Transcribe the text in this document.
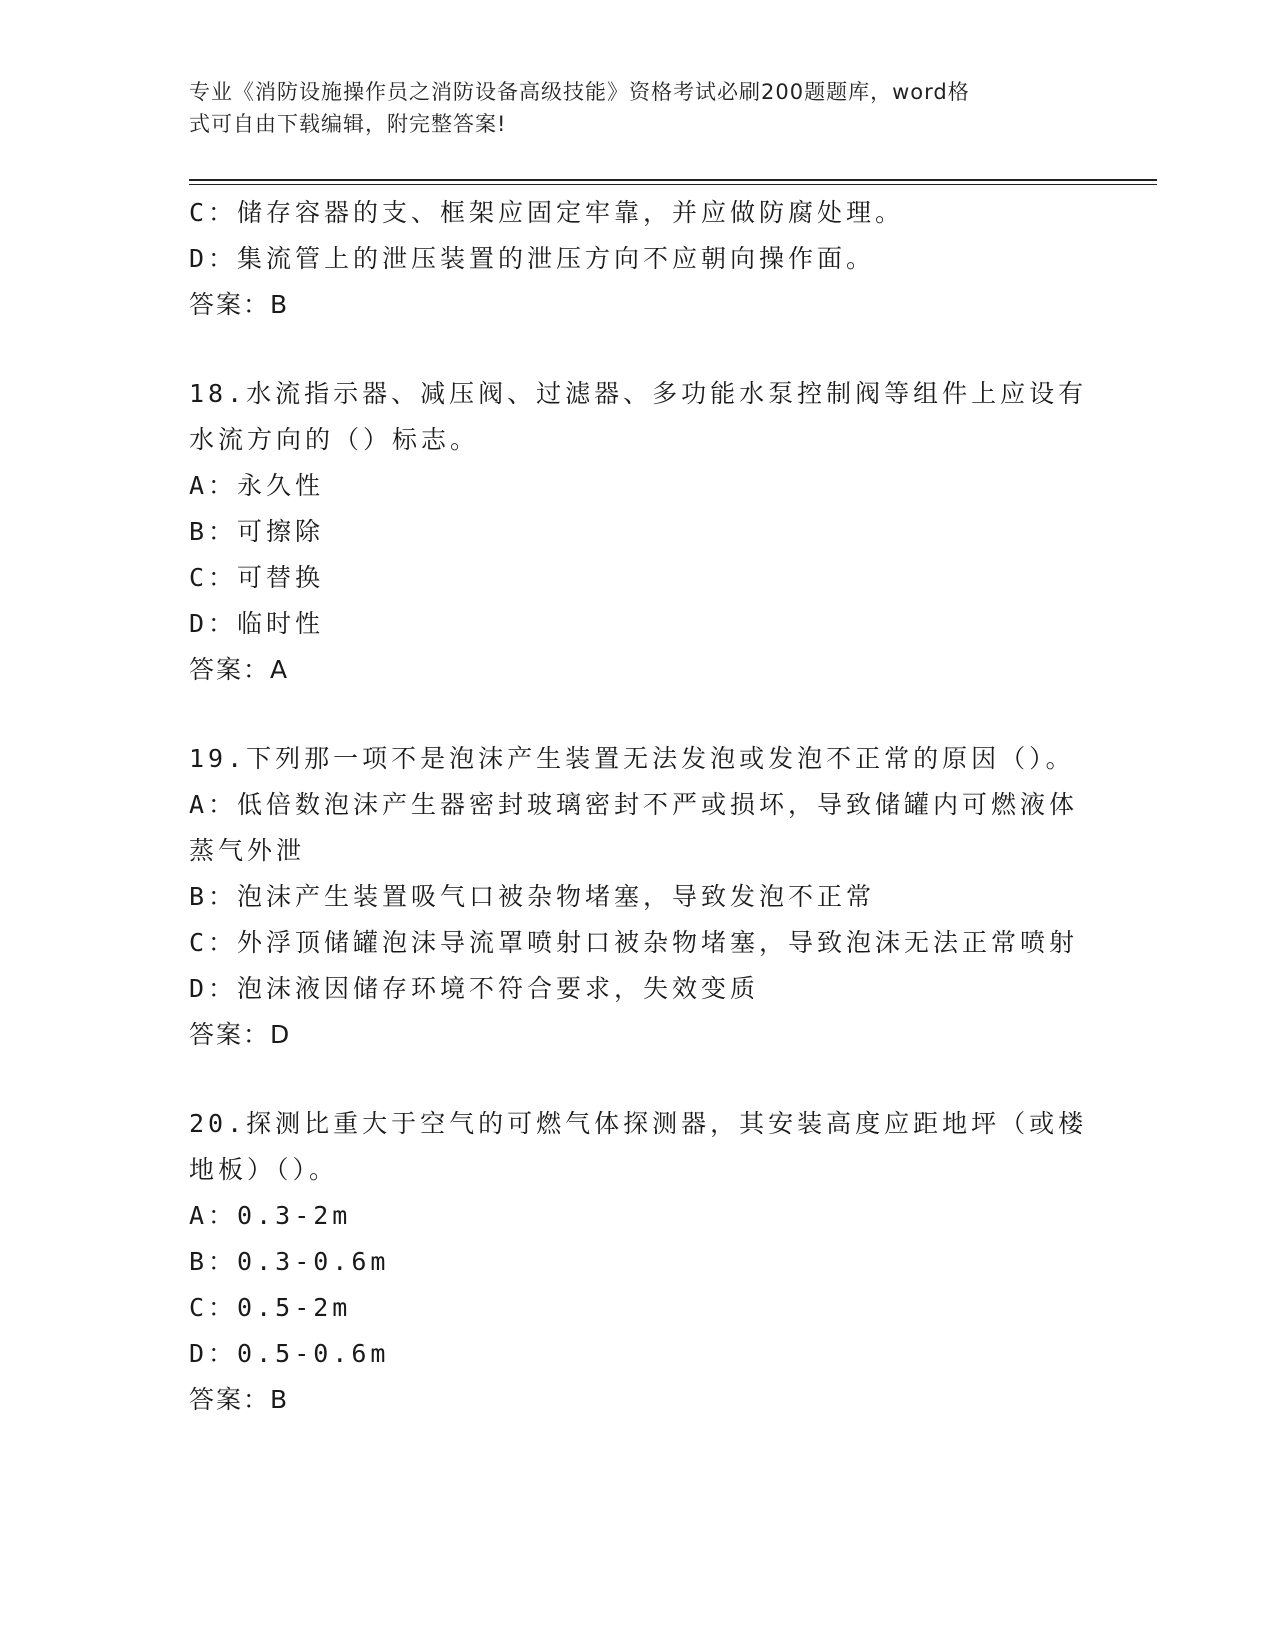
专业《消防设施操作员之消防设备高级技能》资格考试必刷200题题库，word格
式可自由下载编辑，附完整答案!
C：储存容器的支、框架应固定牢靠，并应做防腐处理。
D：集流管上的泄压装置的泄压方向不应朝向操作面。
答案：B
18.水流指示器、减压阀、过滤器、多功能水泵控制阀等组件上应设有
水流方向的（）标志。
A：永久性
B：可擦除
C：可替换
D：临时性
答案：A
19.下列那一项不是泡沫产生装置无法发泡或发泡不正常的原因（）。
A：低倍数泡沫产生器密封玻璃密封不严或损坏，导致储罐内可燃液体
蒸气外泄
B：泡沫产生装置吸气口被杂物堵塞，导致发泡不正常
C：外浮顶储罐泡沫导流罩喷射口被杂物堵塞，导致泡沫无法正常喷射
D：泡沫液因储存环境不符合要求，失效变质
答案：D
20.探测比重大于空气的可燃气体探测器，其安装高度应距地坪（或楼
地板）（）。
A：0.3-2m
B：0.3-0.6m
C：0.5-2m
D：0.5-0.6m
答案：B
